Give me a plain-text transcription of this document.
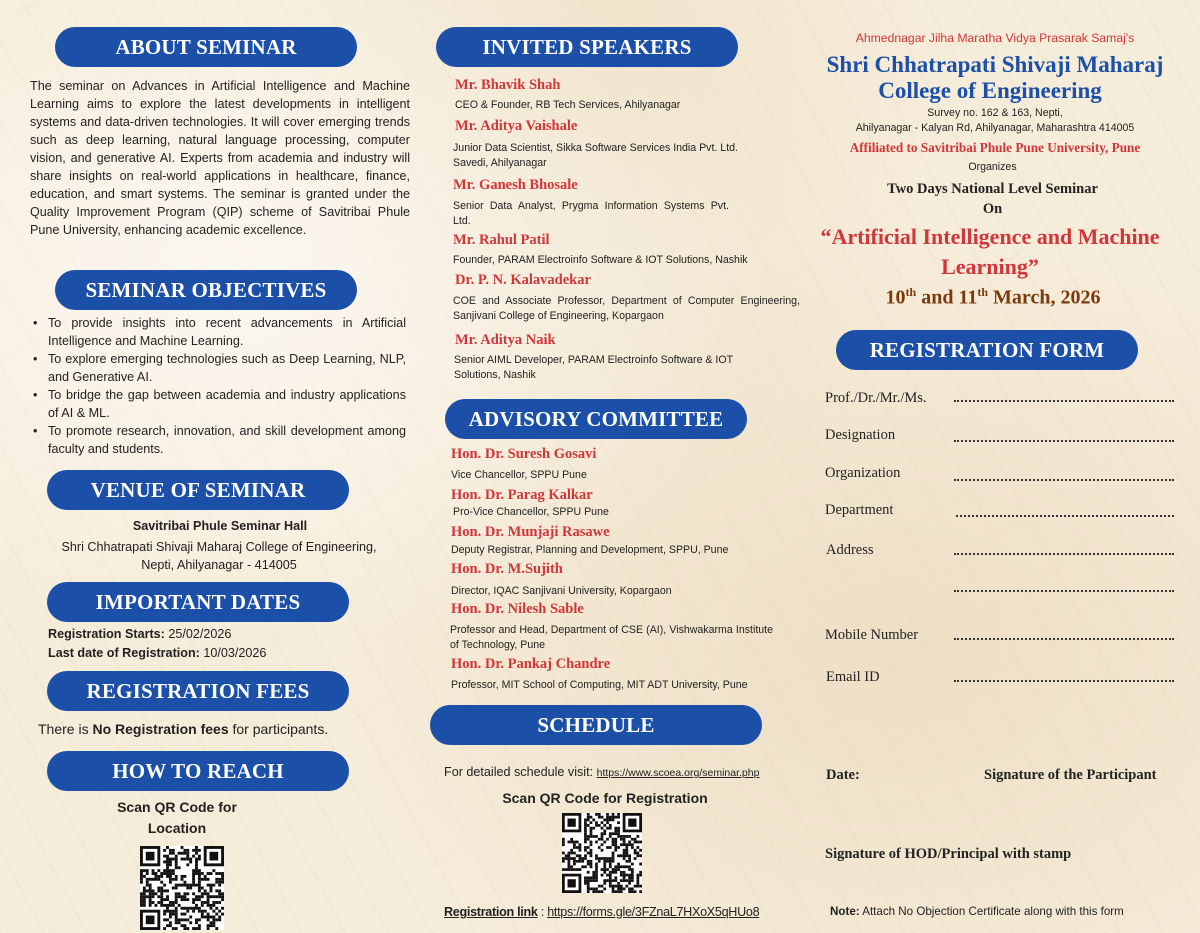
ABOUT SEMINAR
The seminar on Advances in Artificial Intelligence and Machine Learning aims to explore the latest developments in intelligent systems and data-driven technologies. It will cover emerging trends such as deep learning, natural language processing, computer vision, and generative AI. Experts from academia and industry will share insights on real-world applications in healthcare, finance, education, and smart systems. The seminar is granted under the Quality Improvement Program (QIP) scheme of Savitribai Phule Pune University, enhancing academic excellence.
SEMINAR OBJECTIVES
• To provide insights into recent advancements in Artificial Intelligence and Machine Learning.
• To explore emerging technologies such as Deep Learning, NLP, and Generative AI.
• To bridge the gap between academia and industry applications of AI & ML.
• To promote research, innovation, and skill development among faculty and students.
VENUE OF SEMINAR
Savitribai Phule Seminar Hall
Shri Chhatrapati Shivaji Maharaj College of Engineering, Nepti, Ahilyanagar - 414005
IMPORTANT DATES
Registration Starts: 25/02/2026
Last date of Registration: 10/03/2026
REGISTRATION FEES
There is No Registration fees for participants.
HOW TO REACH
Scan QR Code for Location
INVITED SPEAKERS
Mr. Bhavik Shah
CEO & Founder, RB Tech Services, Ahilyanagar
Mr. Aditya Vaishale
Junior Data Scientist, Sikka Software Services India Pvt. Ltd. Savedi, Ahilyanagar
Mr. Ganesh Bhosale
Senior Data Analyst, Prygma Information Systems Pvt. Ltd.
Mr. Rahul Patil
Founder, PARAM Electroinfo Software & IOT Solutions, Nashik
Dr. P. N. Kalavadekar
COE and Associate Professor, Department of Computer Engineering, Sanjivani College of Engineering, Kopargaon
Mr. Aditya Naik
Senior AIML Developer, PARAM Electroinfo Software & IOT Solutions, Nashik
ADVISORY COMMITTEE
Hon. Dr. Suresh Gosavi
Vice Chancellor, SPPU Pune
Hon. Dr. Parag Kalkar
Pro-Vice Chancellor, SPPU Pune
Hon. Dr. Munjaji Rasawe
Deputy Registrar, Planning and Development, SPPU, Pune
Hon. Dr. M.Sujith
Director, IQAC Sanjivani University, Kopargaon
Hon. Dr. Nilesh Sable
Professor and Head, Department of CSE (AI), Vishwakarma Institute of Technology, Pune
Hon. Dr. Pankaj Chandre
Professor, MIT School of Computing, MIT ADT University, Pune
SCHEDULE
For detailed schedule visit: https://www.scoea.org/seminar.php
Scan QR Code for Registration
Registration link : https://forms.gle/3FZnaL7HXoX5qHUo8
Ahmednagar Jilha Maratha Vidya Prasarak Samaj's
Shri Chhatrapati Shivaji Maharaj
College of Engineering
Survey no. 162 & 163, Nepti,
Ahilyanagar - Kalyan Rd, Ahilyanagar, Maharashtra 414005
Affiliated to Savitribai Phule Pune University, Pune
Organizes
Two Days National Level Seminar
On
“Artificial Intelligence and Machine
Learning”
10th and 11th March, 2026
REGISTRATION FORM
Prof./Dr./Mr./Ms.
Designation
Organization
Department
Address
Mobile Number
Email ID
Date:	Signature of the Participant
Signature of HOD/Principal with stamp
Note: Attach No Objection Certificate along with this form
